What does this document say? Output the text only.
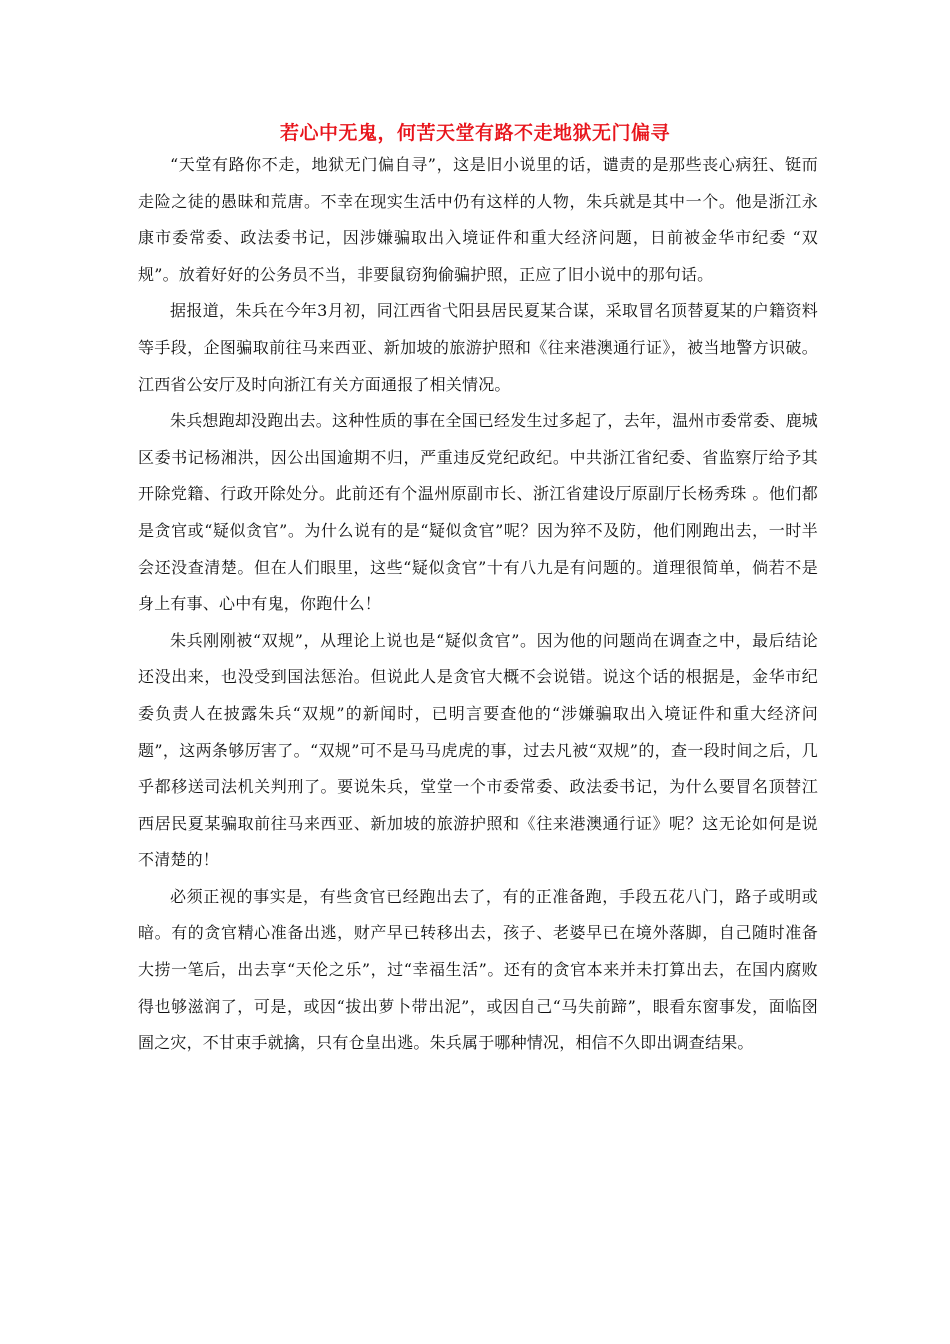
若心中无鬼，何苦天堂有路不走地狱无门偏寻

“天堂有路你不走，地狱无门偏自寻”，这是旧小说里的话，谴责的是那些丧心病狂、铤而走险之徒的愚昧和荒唐。不幸在现实生活中仍有这样的人物，朱兵就是其中一个。他是浙江永康市委常委、政法委书记，因涉嫌骗取出入境证件和重大经济问题，日前被金华市纪委 “双规”。放着好好的公务员不当，非要鼠窃狗偷骗护照，正应了旧小说中的那句话。

据报道，朱兵在今年3月初，同江西省弋阳县居民夏某合谋，采取冒名顶替夏某的户籍资料等手段，企图骗取前往马来西亚、新加坡的旅游护照和《往来港澳通行证》，被当地警方识破。江西省公安厅及时向浙江有关方面通报了相关情况。

朱兵想跑却没跑出去。这种性质的事在全国已经发生过多起了，去年，温州市委常委、鹿城区委书记杨湘洪，因公出国逾期不归，严重违反党纪政纪。中共浙江省纪委、省监察厅给予其开除党籍、行政开除处分。此前还有个温州原副市长、浙江省建设厅原副厅长杨秀珠 。他们都是贪官或“疑似贪官”。为什么说有的是“疑似贪官”呢？因为猝不及防，他们刚跑出去，一时半会还没查清楚。但在人们眼里，这些“疑似贪官”十有八九是有问题的。道理很简单，倘若不是身上有事、心中有鬼，你跑什么！

朱兵刚刚被“双规”，从理论上说也是“疑似贪官”。因为他的问题尚在调查之中，最后结论还没出来，也没受到国法惩治。但说此人是贪官大概不会说错。说这个话的根据是，金华市纪委负责人在披露朱兵“双规”的新闻时，已明言要查他的“涉嫌骗取出入境证件和重大经济问题”，这两条够厉害了。“双规”可不是马马虎虎的事，过去凡被“双规”的，查一段时间之后，几乎都移送司法机关判刑了。要说朱兵，堂堂一个市委常委、政法委书记，为什么要冒名顶替江西居民夏某骗取前往马来西亚、新加坡的旅游护照和《往来港澳通行证》呢？这无论如何是说不清楚的！

必须正视的事实是，有些贪官已经跑出去了，有的正准备跑，手段五花八门，路子或明或暗。有的贪官精心准备出逃，财产早已转移出去，孩子、老婆早已在境外落脚，自己随时准备大捞一笔后，出去享“天伦之乐”，过“幸福生活”。还有的贪官本来并未打算出去，在国内腐败得也够滋润了，可是，或因“拔出萝卜带出泥”，或因自己“马失前蹄”，眼看东窗事发，面临囹圄之灾，不甘束手就擒，只有仓皇出逃。朱兵属于哪种情况，相信不久即出调查结果。
